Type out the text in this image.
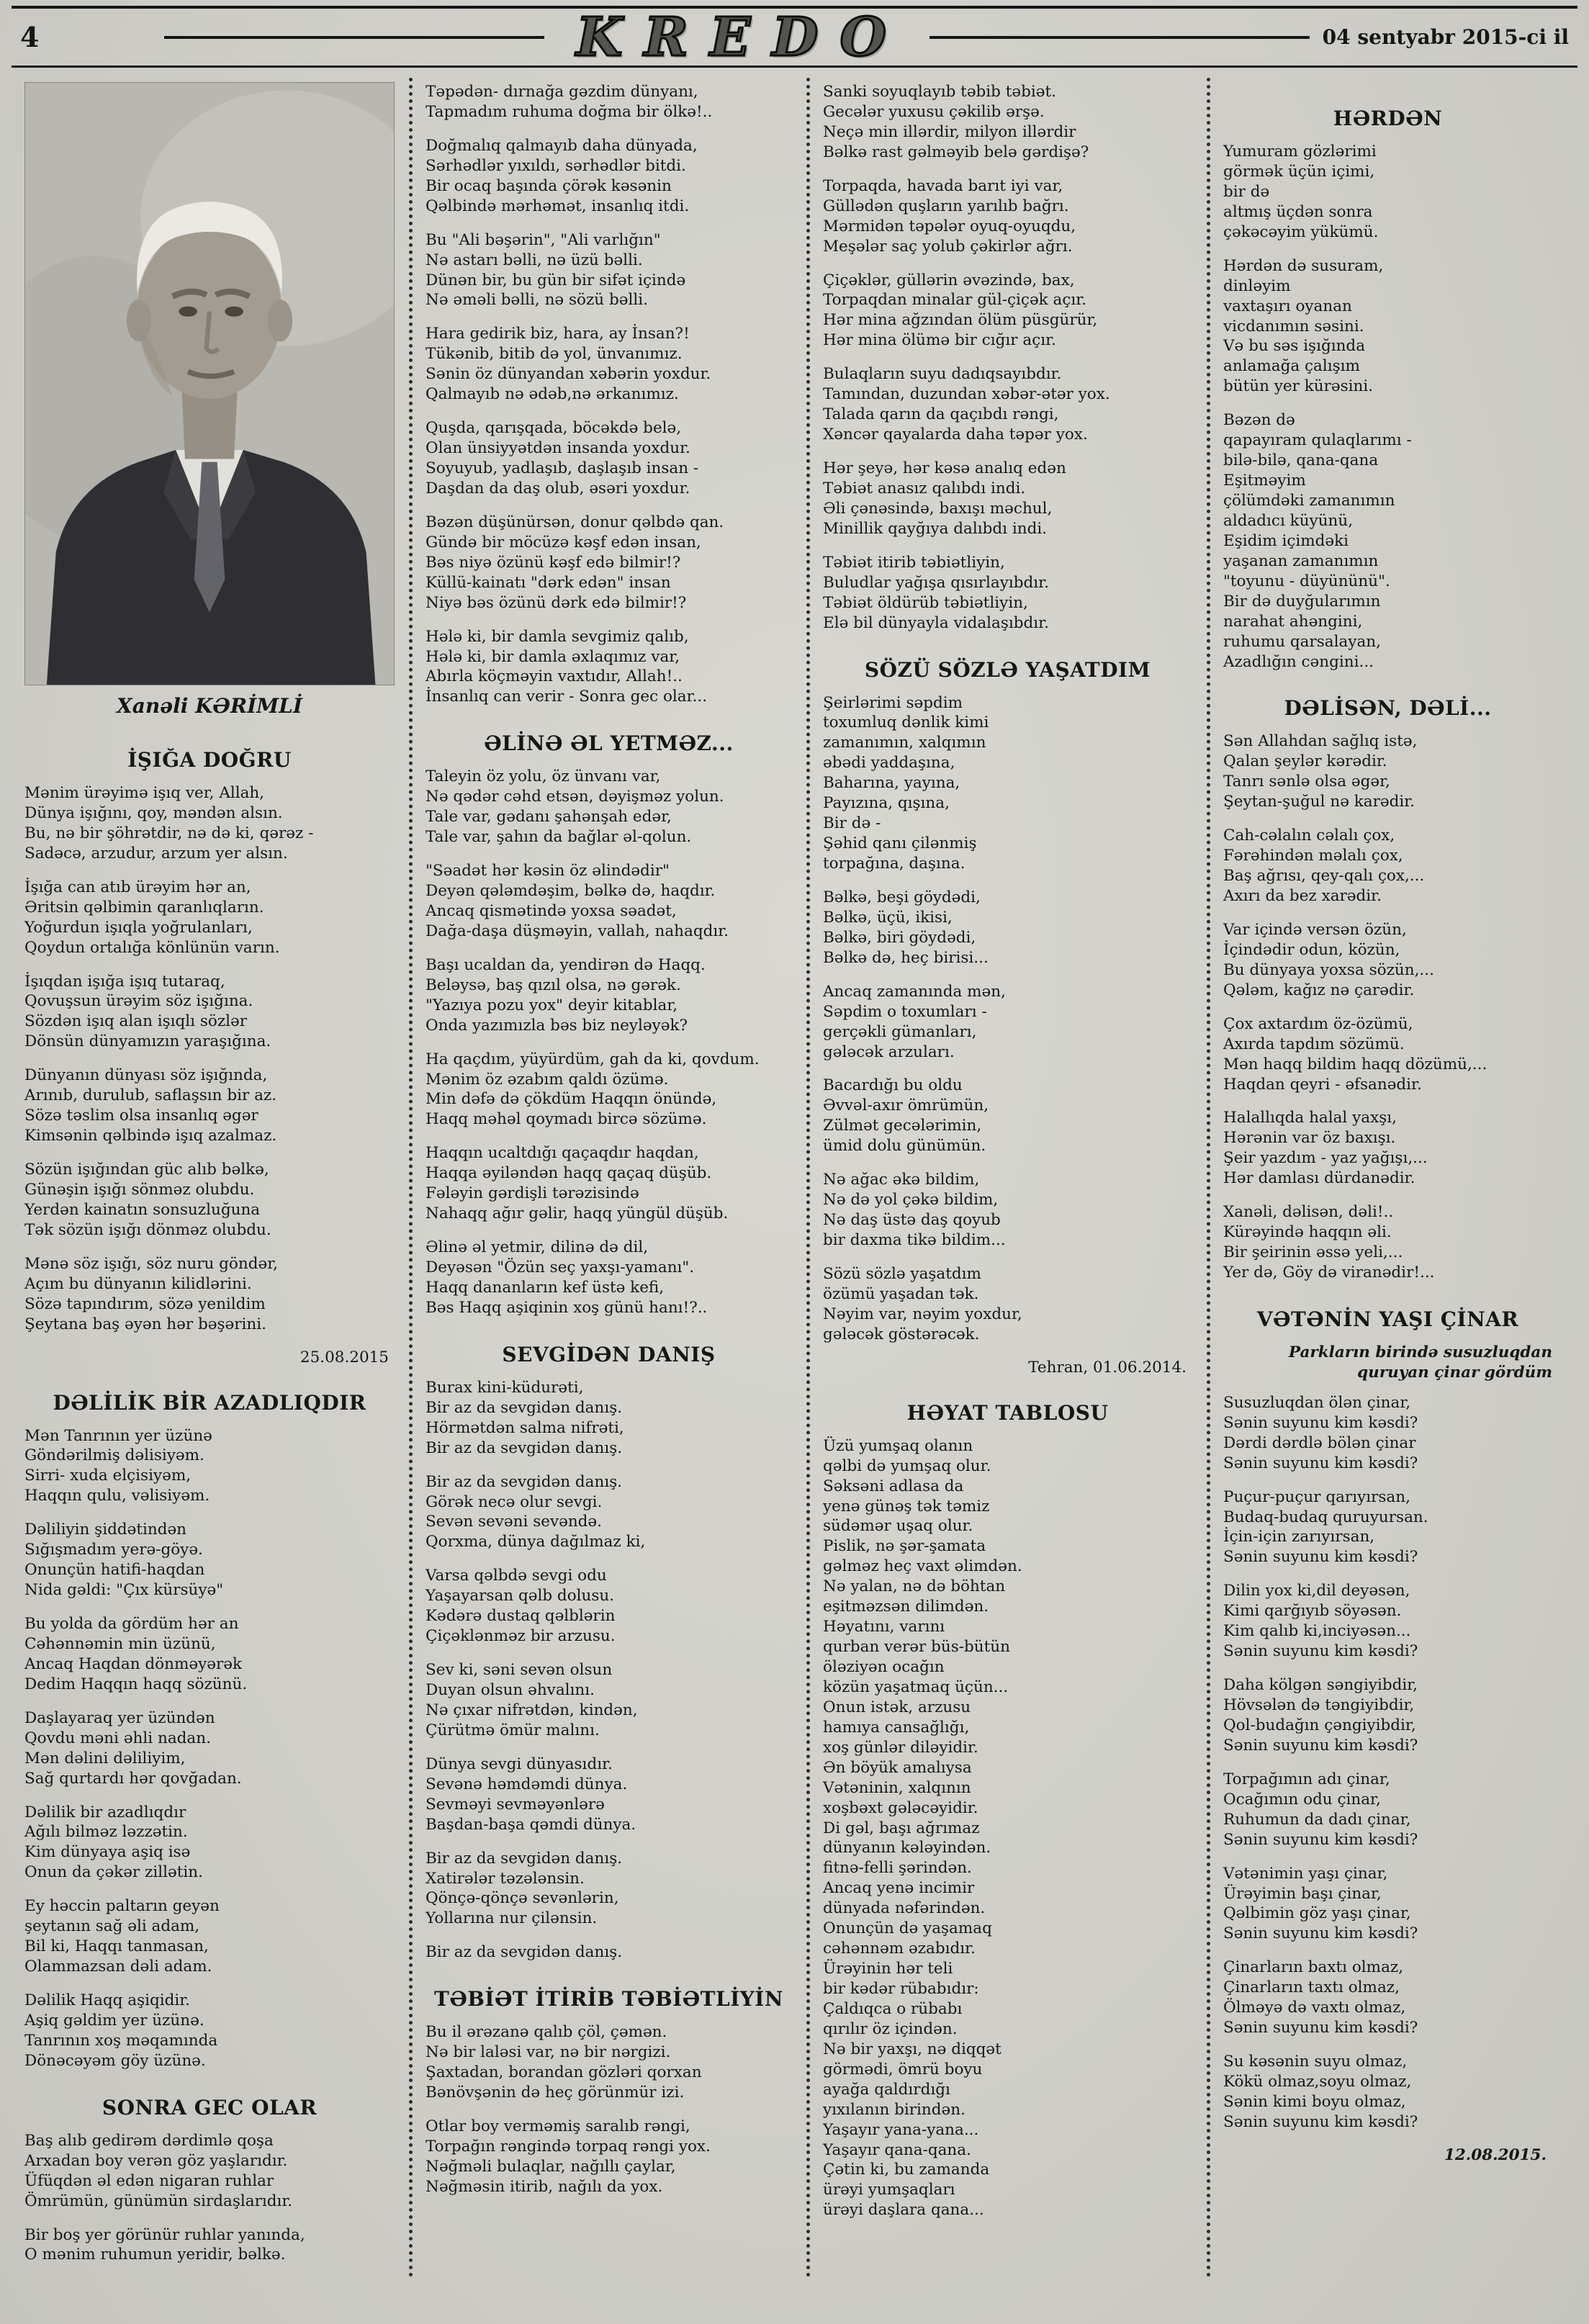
4	KREDO	04 sentyabr 2015-ci il
Xanəli KƏRİMLİ
İŞIĞA DOĞRU
Mənim ürəyimə işıq ver, Allah,
Dünya işığını, qoy, məndən alsın.
Bu, nə bir şöhrətdir, nə də ki, qərəz -
Sadəcə, arzudur, arzum yer alsın.
İşığa can atıb ürəyim hər an,
Əritsin qəlbimin qaranlıqların.
Yoğurdun işıqla yoğrulanları,
Qoydun ortalığa könlünün varın.
İşıqdan işığa işıq tutaraq,
Qovuşsun ürəyim söz işığına.
Sözdən işıq alan işıqlı sözlər
Dönsün dünyamızın yaraşığına.
Dünyanın dünyası söz işığında,
Arınıb, durulub, saflaşsın bir az.
Sözə təslim olsa insanlıq əgər
Kimsənin qəlbində işıq azalmaz.
Sözün işığından güc alıb bəlkə,
Günəşin işığı sönməz olubdu.
Yerdən kainatın sonsuzluğuna
Tək sözün işığı dönməz olubdu.
Mənə söz işığı, söz nuru göndər,
Açım bu dünyanın kilidlərini.
Sözə tapındırım, sözə yenildim
Şeytana baş əyən hər bəşərini.
25.08.2015
DƏLİLİK BİR AZADLIQDIR
Mən Tanrının yer üzünə
Göndərilmiş dəlisiyəm.
Sirri- xuda elçisiyəm,
Haqqın qulu, vəlisiyəm.
Dəliliyin şiddətindən
Sığışmadım yerə-göyə.
Onunçün hatifi-haqdan
Nida gəldi: "Çıx kürsüyə"
Bu yolda da gördüm hər an
Cəhənnəmin min üzünü,
Ancaq Haqdan dönməyərək
Dedim Haqqın haqq sözünü.
Daşlayaraq yer üzündən
Qovdu məni əhli nadan.
Mən dəlini dəliliyim,
Sağ qurtardı hər qovğadan.
Dəlilik bir azadlıqdır
Ağılı bilməz ləzzətin.
Kim dünyaya aşiq isə
Onun da çəkər zillətin.
Ey həccin paltarın geyən
şeytanın sağ əli adam,
Bil ki, Haqqı tanmasan,
Olammazsan dəli adam.
Dəlilik Haqq aşiqidir.
Aşiq gəldim yer üzünə.
Tanrının xoş məqamında
Dönəcəyəm göy üzünə.
SONRA GEC OLAR
Baş alıb gedirəm dərdimlə qoşa
Arxadan boy verən göz yaşlarıdır.
Üfüqdən əl edən nigaran ruhlar
Ömrümün, günümün sirdaşlarıdır.
Bir boş yer görünür ruhlar yanında,
O mənim ruhumun yeridir, bəlkə.
Təpədən- dırnağa gəzdim dünyanı,
Tapmadım ruhuma doğma bir ölkə!..
Doğmalıq qalmayıb daha dünyada,
Sərhədlər yıxıldı, sərhədlər bitdi.
Bir ocaq başında çörək kəsənin
Qəlbində mərhəmət, insanlıq itdi.
Bu "Ali bəşərin", "Ali varlığın"
Nə astarı bəlli, nə üzü bəlli.
Dünən bir, bu gün bir sifət içində
Nə əməli bəlli, nə sözü bəlli.
Hara gedirik biz, hara, ay İnsan?!
Tükənib, bitib də yol, ünvanımız.
Sənin öz dünyandan xəbərin yoxdur.
Qalmayıb nə ədəb,nə ərkanımız.
Quşda, qarışqada, böcəkdə belə,
Olan ünsiyyətdən insanda yoxdur.
Soyuyub, yadlaşıb, daşlaşıb insan -
Daşdan da daş olub, əsəri yoxdur.
Bəzən düşünürsən, donur qəlbdə qan.
Gündə bir möcüzə kəşf edən insan,
Bəs niyə özünü kəşf edə bilmir!?
Küllü-kainatı "dərk edən" insan
Niyə bəs özünü dərk edə bilmir!?
Hələ ki, bir damla sevgimiz qalıb,
Hələ ki, bir damla əxlaqımız var,
Abırla köçməyin vaxtıdır, Allah!..
İnsanlıq can verir - Sonra gec olar...
ƏLİNƏ ƏL YETMƏZ...
Taleyin öz yolu, öz ünvanı var,
Nə qədər cəhd etsən, dəyişməz yolun.
Tale var, gədanı şahənşah edər,
Tale var, şahın da bağlar əl-qolun.
"Səadət hər kəsin öz əlindədir"
Deyən qələmdəşim, bəlkə də, haqdır.
Ancaq qismətində yoxsa səadət,
Dağa-daşa düşməyin, vallah, nahaqdır.
Başı ucaldan da, yendirən də Haqq.
Beləysə, baş qızıl olsa, nə gərək.
"Yazıya pozu yox" deyir kitablar,
Onda yazımızla bəs biz neyləyək?
Ha qaçdım, yüyürdüm, gah da ki, qovdum.
Mənim öz əzabım qaldı özümə.
Min dəfə də çökdüm Haqqın önündə,
Haqq məhəl qoymadı bircə sözümə.
Haqqın ucaltdığı qaçaqdır haqdan,
Haqqa əyiləndən haqq qaçaq düşüb.
Fələyin gərdişli tərəzisində
Nahaqq ağır gəlir, haqq yüngül düşüb.
Əlinə əl yetmir, dilinə də dil,
Deyəsən "Özün seç yaxşı-yamanı".
Haqq dananların kef üstə kefi,
Bəs Haqq aşiqinin xoş günü hanı!?..
SEVGİDƏN DANIŞ
Burax kini-küdurəti,
Bir az da sevgidən danış.
Hörmətdən salma nifrəti,
Bir az da sevgidən danış.
Bir az da sevgidən danış.
Görək necə olur sevgi.
Sevən sevəni sevəndə.
Qorxma, dünya dağılmaz ki,
Varsa qəlbdə sevgi odu
Yaşayarsan qəlb dolusu.
Kədərə dustaq qəlblərin
Çiçəklənməz bir arzusu.
Sev ki, səni sevən olsun
Duyan olsun əhvalını.
Nə çıxar nifrətdən, kindən,
Çürütmə ömür malını.
Dünya sevgi dünyasıdır.
Sevənə həmdəmdi dünya.
Sevməyi sevməyənlərə
Başdan-başa qəmdi dünya.
Bir az da sevgidən danış.
Xatirələr təzələnsin.
Qönçə-qönçə sevənlərin,
Yollarına nur çilənsin.
Bir az da sevgidən danış.
TƏBİƏT İTİRİB TƏBİƏTLİYİN
Bu il ərəzanə qalıb çöl, çəmən.
Nə bir laləsi var, nə bir nərgizi.
Şaxtadan, borandan gözləri qorxan
Bənövşənin də heç görünmür izi.
Otlar boy verməmiş saralıb rəngi,
Torpağın rəngində torpaq rəngi yox.
Nəğməli bulaqlar, nağıllı çaylar,
Nəğməsin itirib, nağılı da yox.
Sanki soyuqlayıb təbib təbiət.
Gecələr yuxusu çəkilib ərşə.
Neçə min illərdir, milyon illərdir
Bəlkə rast gəlməyib belə gərdişə?
Torpaqda, havada barıt iyi var,
Güllədən quşların yarılıb bağrı.
Mərmidən təpələr oyuq-oyuqdu,
Meşələr saç yolub çəkirlər ağrı.
Çiçəklər, güllərin əvəzində, bax,
Torpaqdan minalar gül-çiçək açır.
Hər mina ağzından ölüm püsgürür,
Hər mina ölümə bir cığır açır.
Bulaqların suyu dadıqsayıbdır.
Tamından, duzundan xəbər-ətər yox.
Talada qarın da qaçıbdı rəngi,
Xəncər qayalarda daha təpər yox.
Hər şeyə, hər kəsə analıq edən
Təbiət anasız qalıbdı indi.
Əli çənəsində, baxışı məchul,
Minillik qayğıya dalıbdı indi.
Təbiət itirib təbiətliyin,
Buludlar yağışa qısırlayıbdır.
Təbiət öldürüb təbiətliyin,
Elə bil dünyayla vidalaşıbdır.
SÖZÜ SÖZLƏ YAŞATDIM
Şeirlərimi səpdim
toxumluq dənlik kimi
zamanımın, xalqımın
əbədi yaddaşına,
Baharına, yayına,
Payızına, qışına,
Bir də -
Şəhid qanı çilənmiş
torpağına, daşına.
Bəlkə, beşi göydədi,
Bəlkə, üçü, ikisi,
Bəlkə, biri göydədi,
Bəlkə də, heç birisi...
Ancaq zamanında mən,
Səpdim o toxumları -
gerçəkli gümanları,
gələcək arzuları.
Bacardığı bu oldu
Əvvəl-axır ömrümün,
Zülmət gecələrimin,
ümid dolu günümün.
Nə ağac əkə bildim,
Nə də yol çəkə bildim,
Nə daş üstə daş qoyub
bir daxma tikə bildim...
Sözü sözlə yaşatdım
özümü yaşadan tək.
Nəyim var, nəyim yoxdur,
gələcək göstərəcək.
Tehran, 01.06.2014.
HƏYAT TABLOSU
Üzü yumşaq olanın
qəlbi də yumşaq olur.
Səksəni adlasa da
yenə günəş tək təmiz
südəmər uşaq olur.
Pislik, nə şər-şamata
gəlməz heç vaxt əlimdən.
Nə yalan, nə də böhtan
eşitməzsən dilimdən.
Həyatını, varını
qurban verər büs-bütün
öləziyən ocağın
közün yaşatmaq üçün...
Onun istək, arzusu
hamıya cansağlığı,
xoş günlər diləyidir.
Ən böyük amalıysa
Vətəninin, xalqının
xoşbəxt gələcəyidir.
Di gəl, başı ağrımaz
dünyanın kələyindən.
fitnə-felli şərindən.
Ancaq yenə incimir
dünyada nəfərindən.
Onunçün də yaşamaq
cəhənnəm əzabıdır.
Ürəyinin hər teli
bir kədər rübabıdır:
Çaldıqca o rübabı
qırılır öz içindən.
Nə bir yaxşı, nə diqqət
görmədi, ömrü boyu
ayağa qaldırdığı
yıxılanın birindən.
Yaşayır yana-yana...
Yaşayır qana-qana.
Çətin ki, bu zamanda
ürəyi yumşaqları
ürəyi daşlara qana...
HƏRDƏN
Yumuram gözlərimi
görmək üçün içimi,
bir də
altmış üçdən sonra
çəkəcəyim yükümü.
Hərdən də susuram,
dinləyim
vaxtaşırı oyanan
vicdanımın səsini.
Və bu səs işığında
anlamağa çalışım
bütün yer kürəsini.
Bəzən də
qapayıram qulaqlarımı -
bilə-bilə, qana-qana
Eşitməyim
çölümdəki zamanımın
aldadıcı küyünü,
Eşidim içimdəki
yaşanan zamanımın
"toyunu - düyününü".
Bir də duyğularımın
narahat ahəngini,
ruhumu qarsalayan,
Azadlığın cəngini...
DƏLİSƏN, DƏLİ...
Sən Allahdan sağlıq istə,
Qalan şeylər kərədir.
Tanrı sənlə olsa əgər,
Şeytan-şuğul nə karədir.
Cah-cəlalın cəlalı çox,
Fərəhindən məlalı çox,
Baş ağrısı, qey-qalı çox,...
Axırı da bez xarədir.
Var içində versən özün,
İçindədir odun, közün,
Bu dünyaya yoxsa sözün,...
Qələm, kağız nə çarədir.
Çox axtardım öz-özümü,
Axırda tapdım sözümü.
Mən haqq bildim haqq dözümü,...
Haqdan qeyri - əfsanədir.
Halallıqda halal yaxşı,
Hərənin var öz baxışı.
Şeir yazdım - yaz yağışı,...
Hər damlası dürdanədir.
Xanəli, dəlisən, dəli!..
Kürəyində haqqın əli.
Bir şeirinin əssə yeli,...
Yer də, Göy də viranədir!...
VƏTƏNİN YAŞI ÇİNAR
Parkların birində susuzluqdan quruyan çinar gördüm
Susuzluqdan ölən çinar,
Sənin suyunu kim kəsdi?
Dərdi dərdlə bölən çinar
Sənin suyunu kim kəsdi?
Puçur-puçur qarıyırsan,
Budaq-budaq quruyursan.
İçin-için zarıyırsan,
Sənin suyunu kim kəsdi?
Dilin yox ki,dil deyəsən,
Kimi qarğıyıb söyəsən.
Kim qalıb ki,inciyəsən...
Sənin suyunu kim kəsdi?
Daha kölgən səngiyibdir,
Hövsələn də təngiyibdir,
Qol-budağın çəngiyibdir,
Sənin suyunu kim kəsdi?
Torpağımın adı çinar,
Ocağımın odu çinar,
Ruhumun da dadı çinar,
Sənin suyunu kim kəsdi?
Vətənimin yaşı çinar,
Ürəyimin başı çinar,
Qəlbimin göz yaşı çinar,
Sənin suyunu kim kəsdi?
Çinarların baxtı olmaz,
Çinarların taxtı olmaz,
Ölməyə də vaxtı olmaz,
Sənin suyunu kim kəsdi?
Su kəsənin suyu olmaz,
Kökü olmaz,soyu olmaz,
Sənin kimi boyu olmaz,
Sənin suyunu kim kəsdi?
12.08.2015.
